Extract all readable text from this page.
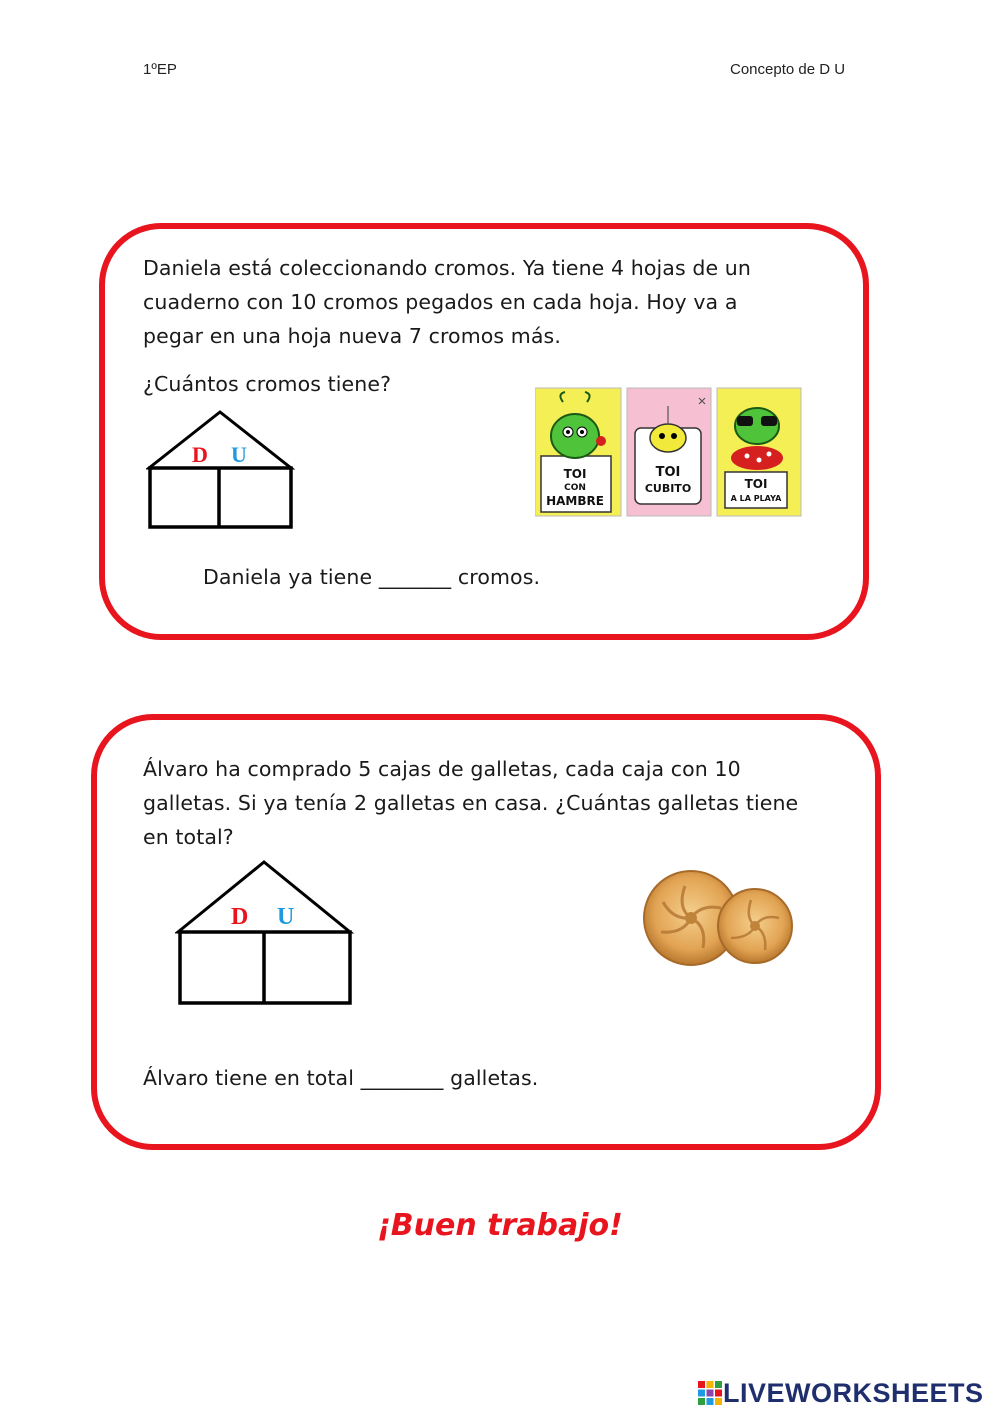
1ºEP	Concepto de D U
Daniela está coleccionando cromos. Ya tiene 4 hojas de un
cuaderno con 10 cromos pegados en cada hoja. Hoy va a
pegar en una hoja nueva 7 cromos más.
¿Cuántos cromos tiene?
D U
TOI
CON
HAMBRE
TOI
CUBITO	TOI
A LA PLAYA
Daniela ya tiene _______ cromos.
Álvaro ha comprado 5 cajas de galletas, cada caja con 10
galletas. Si ya tenía 2 galletas en casa. ¿Cuántas galletas tiene
en total?
D U
Álvaro tiene en total ________ galletas.
¡Buen trabajo!
LIVEWORKSHEETS
